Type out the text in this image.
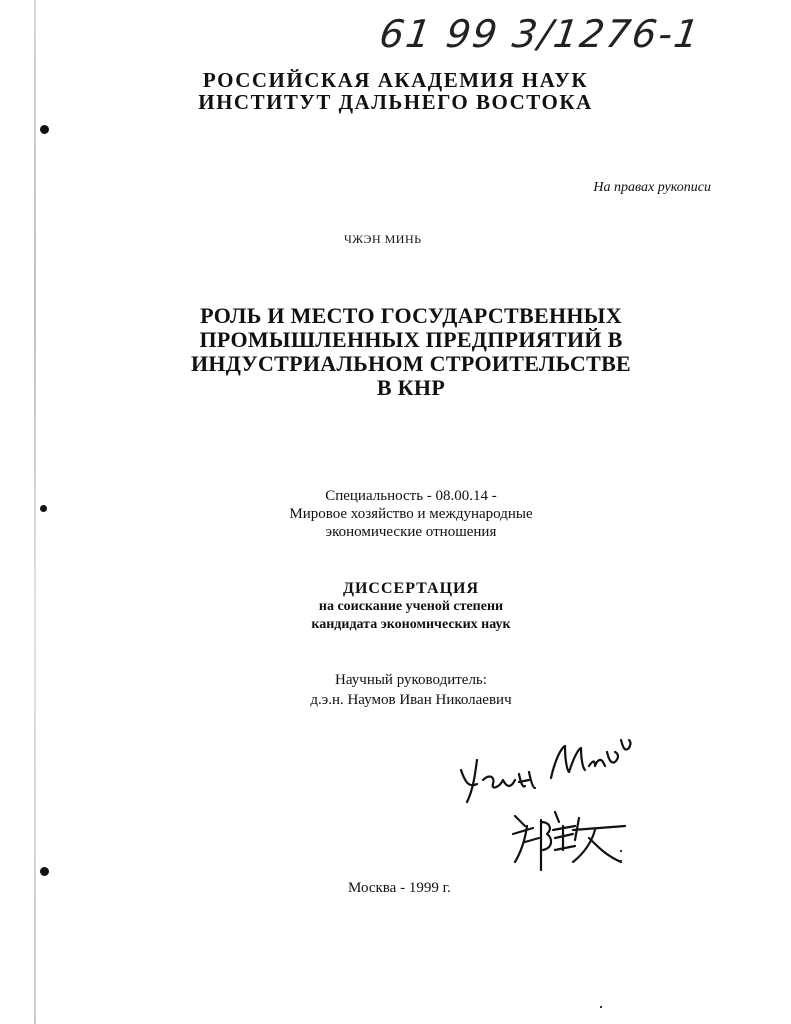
61 99 3/1276-1
РОССИЙСКАЯ АКАДЕМИЯ НАУК
ИНСТИТУТ ДАЛЬНЕГО ВОСТОКА
На правах рукописи
ЧЖЭН МИНЬ
РОЛЬ И МЕСТО ГОСУДАРСТВЕННЫХ
ПРОМЫШЛЕННЫХ ПРЕДПРИЯТИЙ В
ИНДУСТРИАЛЬНОМ СТРОИТЕЛЬСТВЕ
В КНР
Специальность - 08.00.14 -
Мировое хозяйство и международные
экономические отношения
ДИССЕРТАЦИЯ
на соискание ученой степени
кандидата экономических наук
Научный руководитель:
д.э.н. Наумов Иван Николаевич
Москва - 1999 г.
